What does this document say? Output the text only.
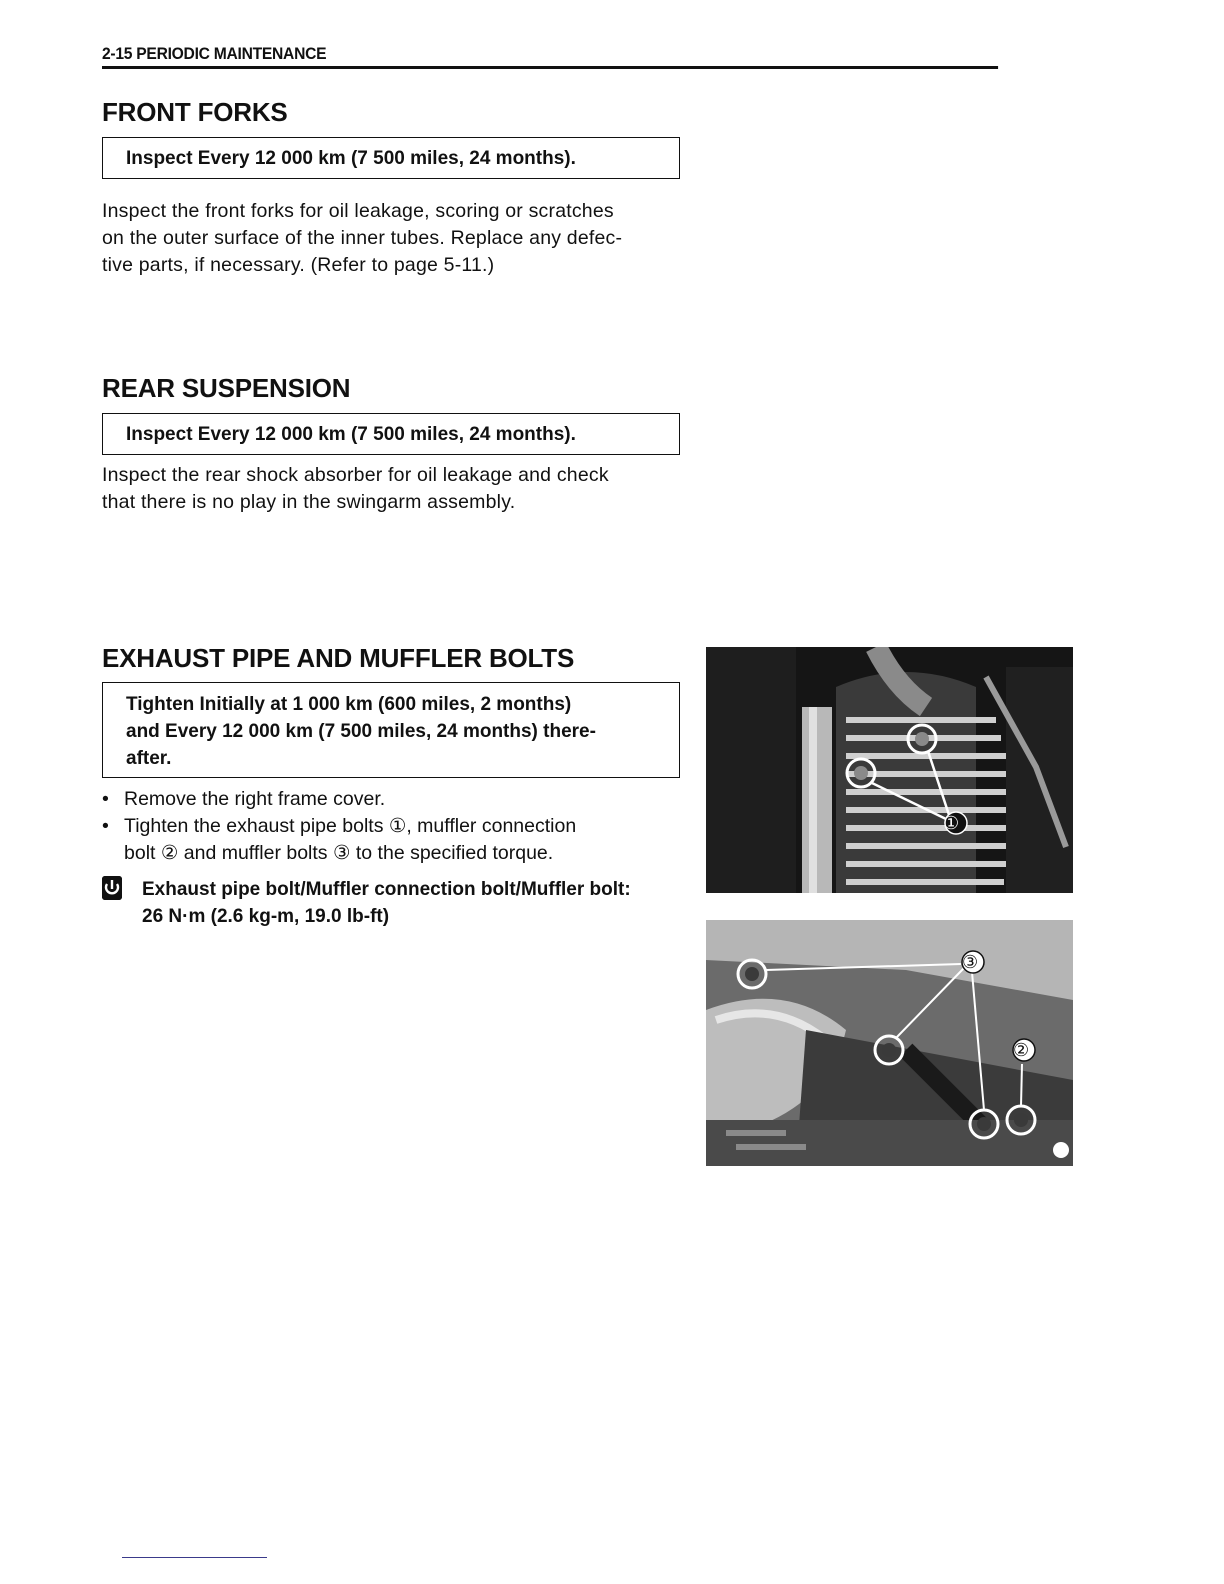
2-15 PERIODIC MAINTENANCE
FRONT FORKS
Inspect Every 12 000 km (7 500 miles, 24 months).
Inspect the front forks for oil leakage, scoring or scratches
on the outer surface of the inner tubes. Replace any defec-
tive parts, if necessary. (Refer to page 5-11.)
REAR SUSPENSION
Inspect Every 12 000 km (7 500 miles, 24 months).
Inspect the rear shock absorber for oil leakage and check
that there is no play in the swingarm assembly.
EXHAUST PIPE AND MUFFLER BOLTS
Tighten Initially at 1 000 km (600 miles, 2 months)
and Every 12 000 km (7 500 miles, 24 months) there-
after.
• Remove the right frame cover.
• Tighten the exhaust pipe bolts ①, muffler connection
bolt ② and muffler bolts ③ to the specified torque.
Exhaust pipe bolt/Muffler connection bolt/Muffler bolt:
26 N·m (2.6 kg-m, 19.0 lb-ft)
①
③
②
